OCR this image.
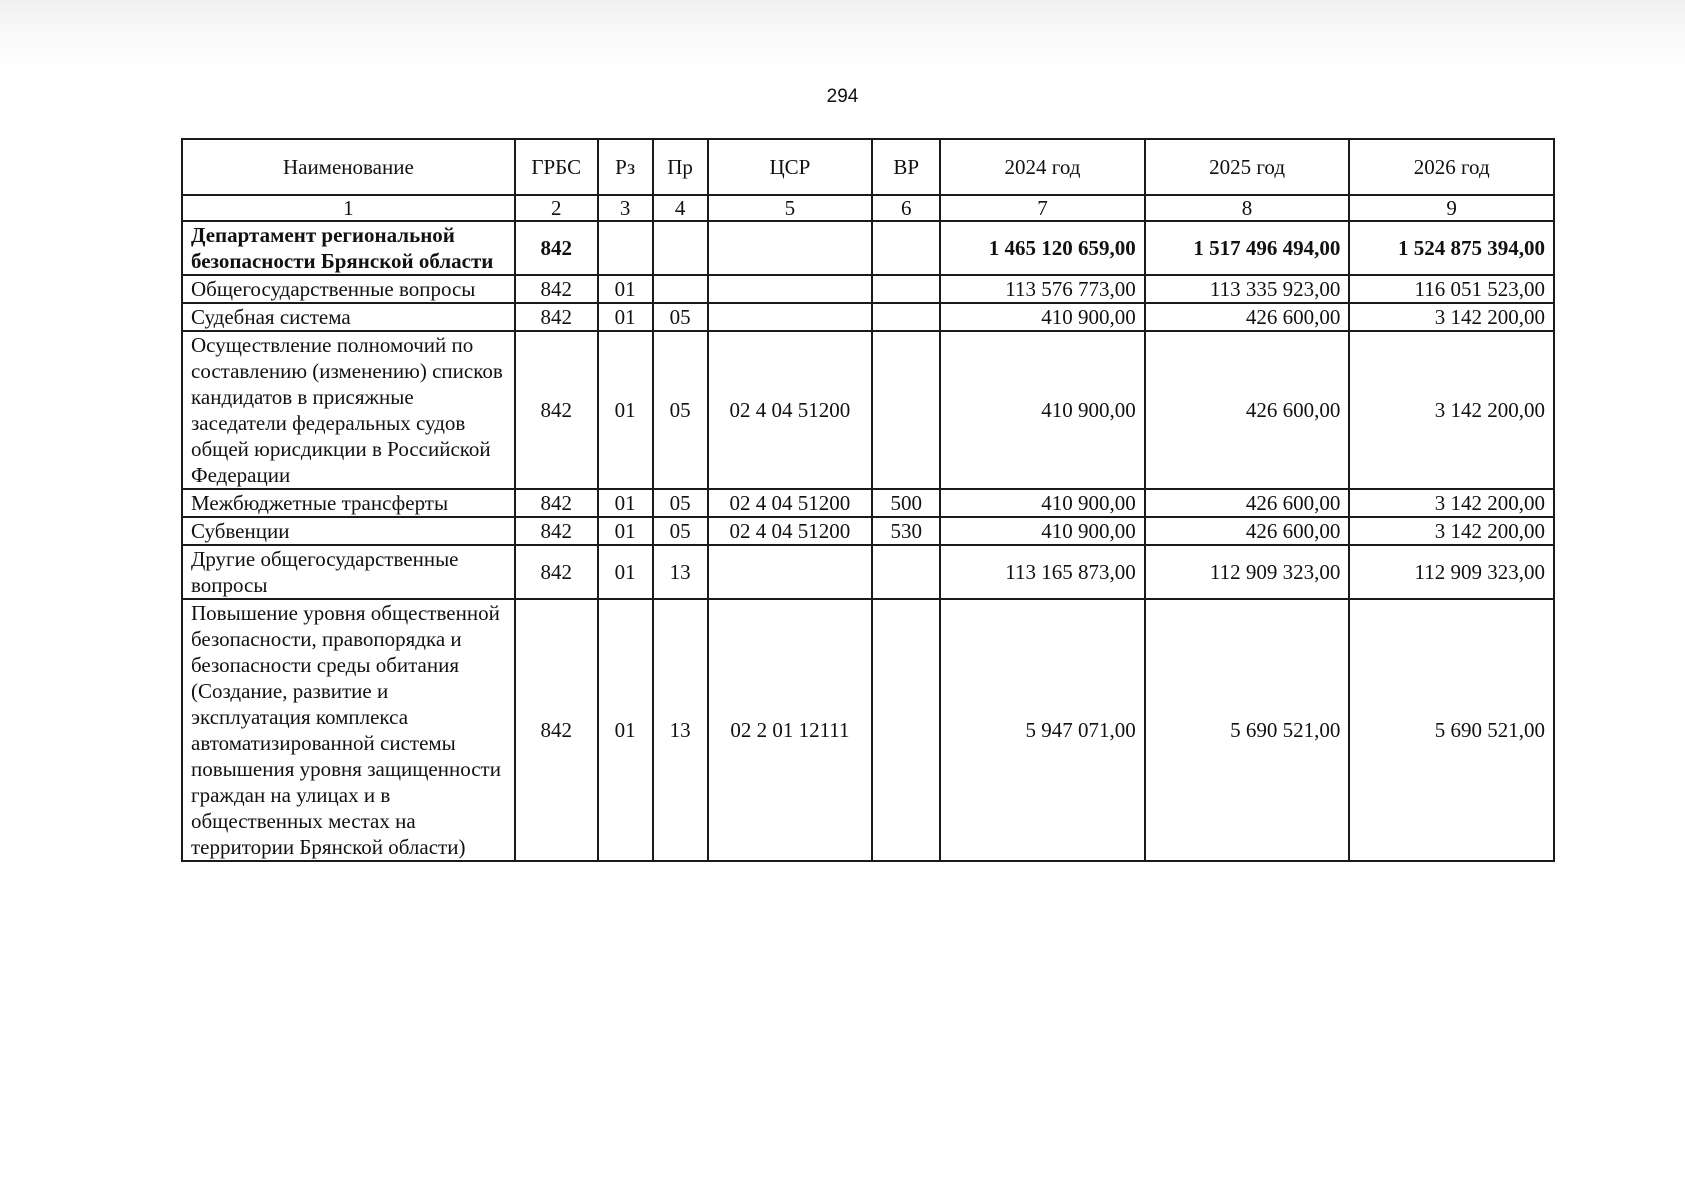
294
Наименование	ГРБС	Рз	Пр	ЦСР	ВР	2024 год	2025 год	2026 год
1	2	3	4	5	6	7	8	9
Департамент региональной безопасности Брянской области	842					1 465 120 659,00	1 517 496 494,00	1 524 875 394,00
Общегосударственные вопросы	842	01				113 576 773,00	113 335 923,00	116 051 523,00
Судебная система	842	01	05			410 900,00	426 600,00	3 142 200,00
Осуществление полномочий по составлению (изменению) списков кандидатов в присяжные заседатели федеральных судов общей юрисдикции в Российской Федерации	842	01	05	02 4 04 51200		410 900,00	426 600,00	3 142 200,00
Межбюджетные трансферты	842	01	05	02 4 04 51200	500	410 900,00	426 600,00	3 142 200,00
Субвенции	842	01	05	02 4 04 51200	530	410 900,00	426 600,00	3 142 200,00
Другие общегосударственные вопросы	842	01	13			113 165 873,00	112 909 323,00	112 909 323,00
Повышение уровня общественной безопасности, правопорядка и безопасности среды обитания (Создание, развитие и эксплуатация комплекса автоматизированной системы повышения уровня защищенности граждан на улицах и в общественных местах на территории Брянской области)	842	01	13	02 2 01 12111		5 947 071,00	5 690 521,00	5 690 521,00
